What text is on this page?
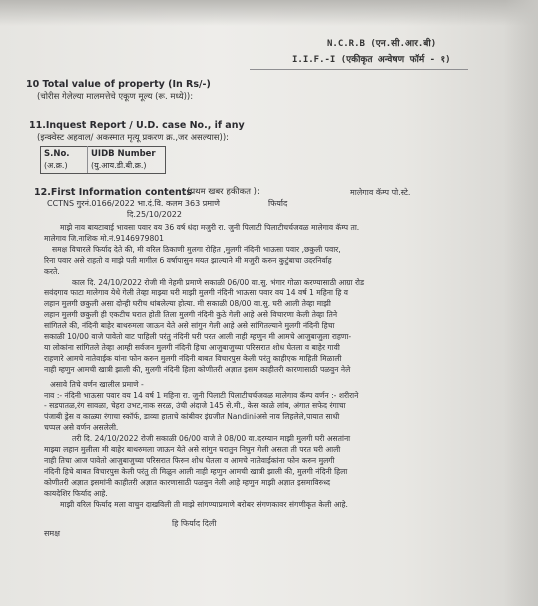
N.C.R.B (एन.सी.आर.बी)
I.I.F.-I (एकीकृत अन्वेषण फॉर्म - १)
10 Total value of property (In Rs/-)
(चोरीस गेलेल्या मालमत्तेचे एकूण मूल्य (रू. मध्ये)):
11.Inquest Report / U.D. case No., if any
(इन्क्वेस्ट अहवाल/ अकस्मात मृत्यू प्रकरण क्र.,जर असल्यास)):
S.No.
(अ.क्र.)
UIDB Number
(यु.आय.डी.बी.क्र.)
12.First Information contents
(प्रथम खबर हकीकत ):	मालेगाव कॅम्प पो.स्टे.
CCTNS गुरनं.0166/2022 भा.दं.वि. कलम 363 प्रमाणे	फिर्याद
दि.25/10/2022
माझे नाव बायटाबाई भावसा पवार वय 36 वर्ष धंदा मजुरी रा. जुनी पिलाटी पिलाटीचर्चजवळ मालेगाव कॅम्प ता.
मालेगाव जि.नाशिक मो.नं.9146979801
समक्ष विचारले फिर्याद देते की, मी वरिल ठिकाणी मुलगा रोहित ,मुलगी नंदिनी भाऊसा पवार ,छकुली पवार,
रिना पवार असे राहतो व माझे पती मागील 6 वर्षापासुन मयत झाल्याने मी मजुरी करुन कुटुंबाचा उदरनिर्वाह
करते.
काल दि. 24/10/2022 रोजी मी नेहमी प्रमाणे सकाळी 06/00 वा.सु. भंगार गोळा करण्यासाठी आग्रा रोड
सवंदगाव फाटा मालेगाव येथे गेली तेव्हा माझ्या घरी माझी मुलगी नंदिनी भाऊसा पवार वय 14 वर्ष 1 महिना हि व
लहान मुलगी छकुली असा दोन्ही घरीच थांबलेल्या होत्या. मी सकाळी 08/00 वा.सु. घरी आली तेव्हा माझी
लहान मुलगी छकुली ही एकटीच घरात होती तिला मुलगी नंदिनी कुठे गेली आहे असे विचारणा केली तेव्हा तिने
सांगितले की, नंदिनी बाहेर बाथरुमला जाऊन येते असे सांगुन गेली आहे असे सांगितल्याने मुलगी नंदिनी हिचा
सकाळी 10/00 वाजे पावेतो वाट पाहिली परंतु नंदिनी घरी परत आली नाही म्हणुन मी आमचे आजुबाजुला राहणा-
या लोकांना सांगितले तेव्हा आम्ही सर्वजन मुलगी नंदिनी हिचा आजुबाजुच्या परिसरात शोध घेतला व बाहेर गावी
राहणारे आमचे नातेवाईक यांना फोन करुन मुलगी नंदिनी बाबत विचारपुस केली परंतु काहीएक माहिती मिळाली
नाही म्हणुन आमची खात्री झाली की, मुलगी नंदिनी हिला कोणीतरी अज्ञात इसम काहीतरी कारणासाठी पळवुन नेले
असावे तिचे वर्णन खालील प्रमाणे -
नाव :- नंदिनी भाऊसा पवार वय 14 वर्ष 1 महिना रा. जुनी पिलाटी पिलाटीचर्चजवळ मालेगाव कॅम्प वर्णन :- शरीराने
- सडपातळ,रंग सावळा, चेहरा उभट,नाक सरळ, उंची अंदाजे 145 से.मी., केस काळे लांब, अंगात सफेद रंगाचा
पंजाबी ड्रेस व काळ्या रंगाचा स्कॉर्फ, डाव्या हाताचे कांबीवर इंग्रजीत Nandiniअसे नाव लिहलेले,पायात साधी
चप्पल असे वर्णन असलेली.
तरी दि. 24/10/2022 रोजी सकाळी 06/00 वाजे ते 08/00 वा.दरम्यान माझी मुलगी घरी असतांना
माझ्या लहान मुलीला मी बाहेर बाथरुमला जाऊन येते असे सांगुन घरातुन निघुन गेली असता ती परत घरी आली
नाही तिचा आज पावेतो आजुबाजुच्या परिसरात फिरुन शोध घेतला व आमचे नातेवाईकांना फोन करुन मुलगी
नंदिनी हिचे बाबत विचारपुस केली परंतु ती मिळुन आली नाही म्हणुन आमची खात्री झाली की, मुलगी नंदिनी हिला
कोणीतरी अज्ञात इसमांनी काहीतरी अज्ञात कारणासाठी पळवुन नेली आहे म्हणुन माझी अज्ञात इसमाविरुध्द
कायदेशिर फिर्याद आहे.
माझी वरिल फिर्याद मला वाचुन दाखविली ती माझे सांगण्याप्रमाणे बरोबर संगणकावर संगणीकृत केली आहे.
समक्ष
हि फिर्याद दिली
